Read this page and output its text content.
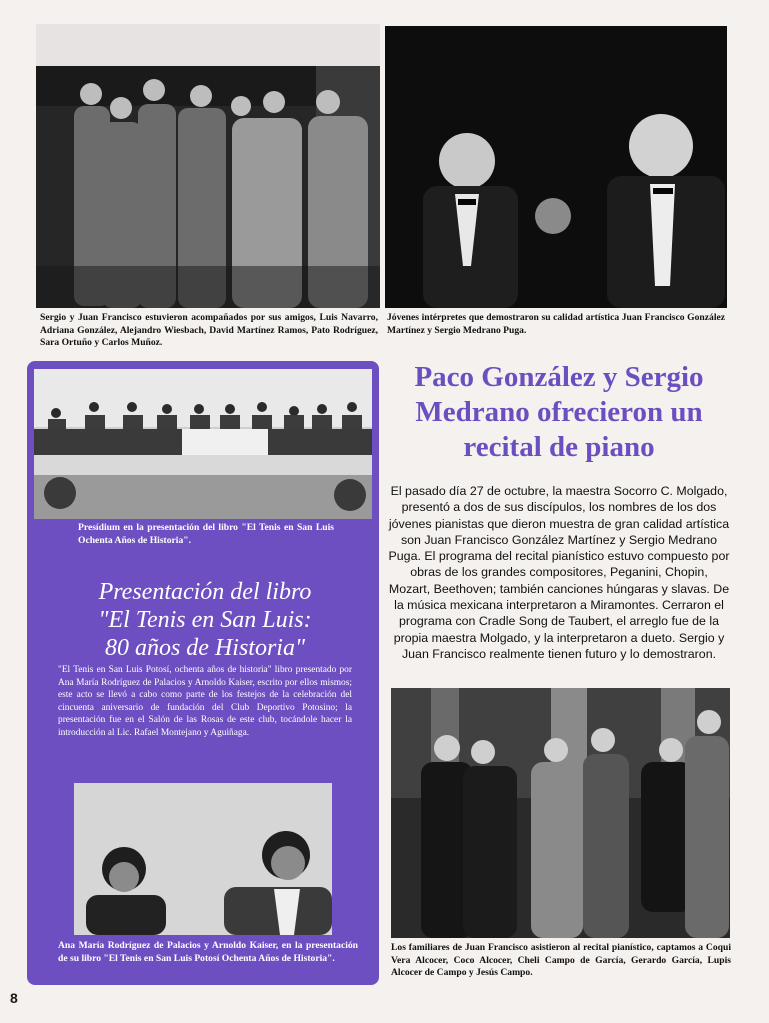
Sergio y Juan Francisco estuvieron acompañados por sus amigos, Luis Navarro, Adriana González, Alejandro Wiesbach, David Martínez Ramos, Pato Rodríguez, Sara Ortuño y Carlos Muñoz.
Jóvenes intérpretes que demostraron su calidad artística Juan Francisco González Martínez y Sergio Medrano Puga.
Presídium en la presentación del libro "El Tenis en San Luis Ochenta Años de Historia".
Presentación del libro
"El Tenis en San Luis:
80 años de Historia"
"El Tenis en San Luis Potosí, ochenta años de historia" libro presentado por Ana María Rodríguez de Palacios y Arnoldo Kaiser, escrito por ellos mismos; este acto se llevó a cabo como parte de los festejos de la celebración del cincuenta aniversario de fundación del Club Deportivo Potosino; la presentación fue en el Salón de las Rosas de este club, tocándole hacer la introducción al Lic. Rafael Montejano y Aguiñaga.
Ana María Rodríguez de Palacios y Arnoldo Kaiser, en la presentación de su libro "El Tenis en San Luis Potosí Ochenta Años de Historia".
Paco González y Sergio
Medrano ofrecieron un
recital de piano
El pasado día 27 de octubre, la maestra Socorro C. Molgado, presentó a dos de sus discípulos, los nombres de los dos jóvenes pianistas que dieron muestra de gran calidad artística son Juan Francisco González Martínez y Sergio Medrano Puga. El programa del recital pianístico estuvo compuesto por obras de los grandes compositores, Peganini, Chopin, Mozart, Beethoven; también canciones húngaras y slavas. De la música mexicana interpretaron a Miramontes. Cerraron el programa con Cradle Song de Taubert, el arreglo fue de la propia maestra Molgado, y la interpretaron a dueto. Sergio y Juan Francisco realmente tienen futuro y lo demostraron.
Los familiares de Juan Francisco asistieron al recital pianístico, captamos a Coqui Vera Alcocer, Coco Alcocer, Cheli Campo de García, Gerardo García, Lupis Alcocer de Campo y Jesús Campo.
8
